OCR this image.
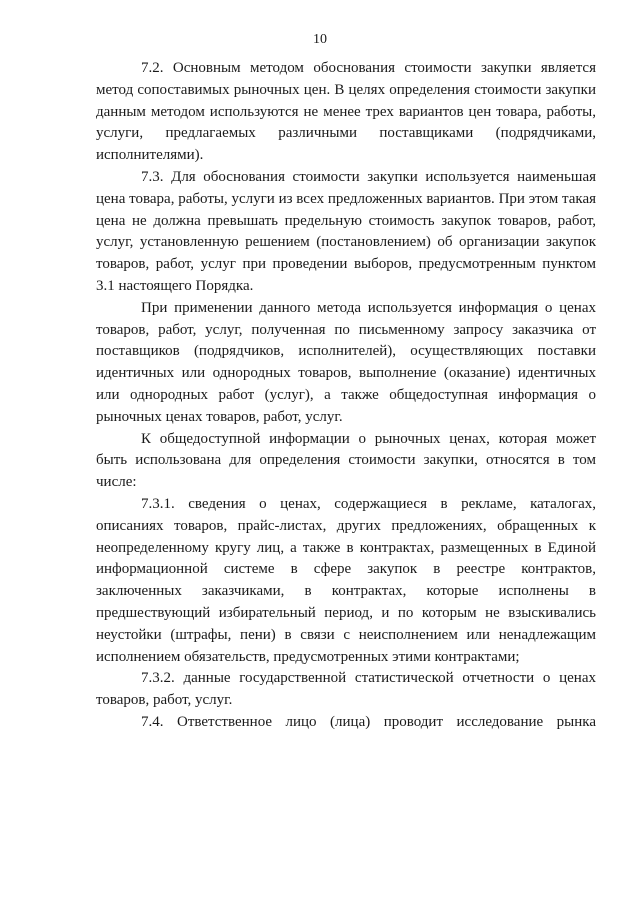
10

7.2. Основным методом обоснования стоимости закупки является метод сопоставимых рыночных цен. В целях определения стоимости закупки данным методом используются не менее трех вариантов цен товара, работы, услуги, предлагаемых различными поставщиками (подрядчиками, исполнителями).

7.3. Для обоснования стоимости закупки используется наименьшая цена товара, работы, услуги из всех предложенных вариантов. При этом такая цена не должна превышать предельную стоимость закупок товаров, работ, услуг, установленную решением (постановлением) об организации закупок товаров, работ, услуг при проведении выборов, предусмотренным пунктом 3.1 настоящего Порядка.

При применении данного метода используется информация о ценах товаров, работ, услуг, полученная по письменному запросу заказчика от поставщиков (подрядчиков, исполнителей), осуществляющих поставки идентичных или однородных товаров, выполнение (оказание) идентичных или однородных работ (услуг), а также общедоступная информация о рыночных ценах товаров, работ, услуг.

К общедоступной информации о рыночных ценах, которая может быть использована для определения стоимости закупки, относятся в том числе:

7.3.1. сведения о ценах, содержащиеся в рекламе, каталогах, описаниях товаров, прайс-листах, других предложениях, обращенных к неопределенному кругу лиц, а также в контрактах, размещенных в Единой информационной системе в сфере закупок в реестре контрактов, заключенных заказчиками, в контрактах, которые исполнены в предшествующий избирательный период, и по которым не взыскивались неустойки (штрафы, пени) в связи с неисполнением или ненадлежащим исполнением обязательств, предусмотренных этими контрактами;

7.3.2. данные государственной статистической отчетности о ценах товаров, работ, услуг.

7.4. Ответственное лицо (лица) проводит исследование рынка
